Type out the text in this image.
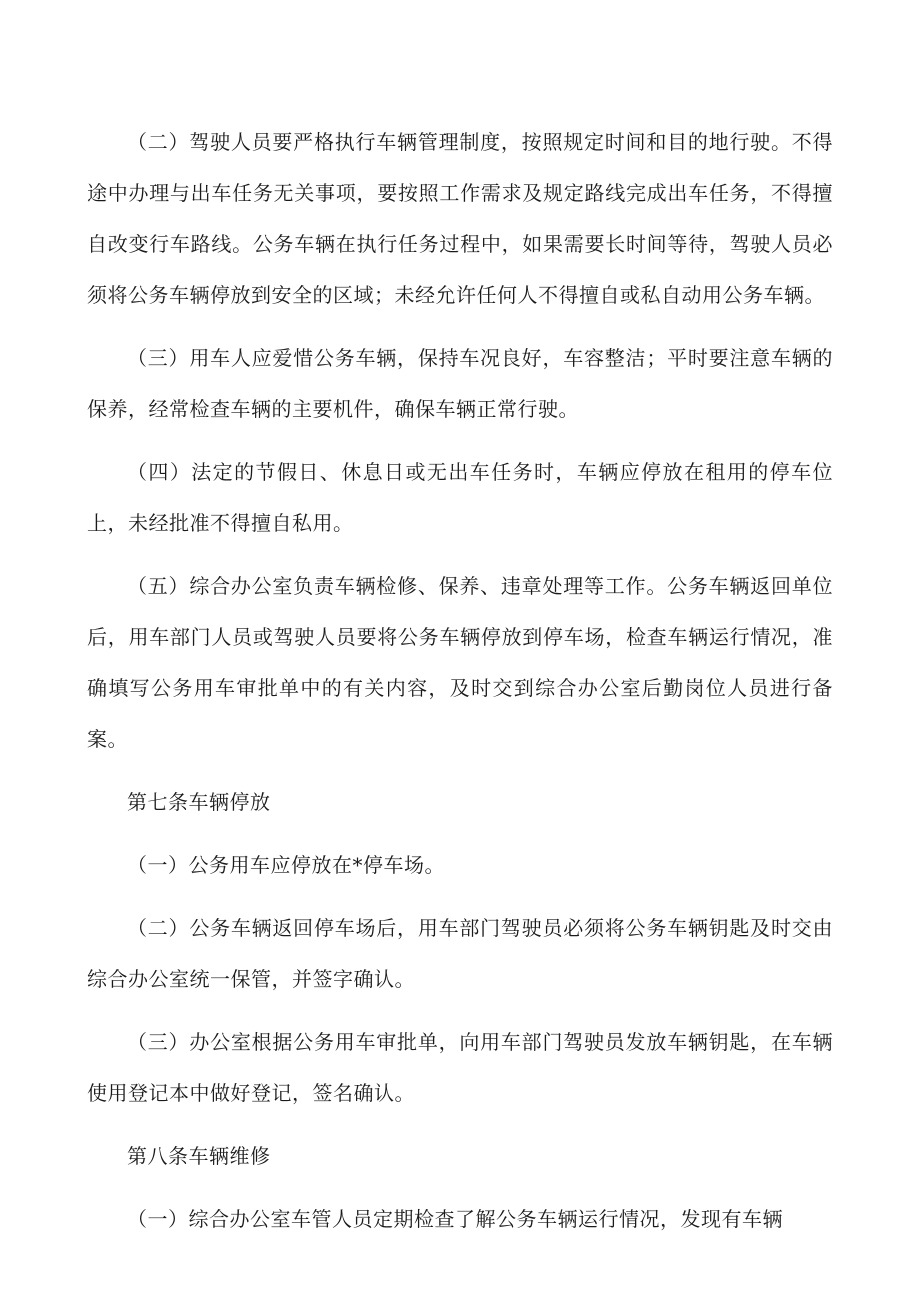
（二）驾驶人员要严格执行车辆管理制度，按照规定时间和目的地行驶。不得途中办理与出车任务无关事项，要按照工作需求及规定路线完成出车任务，不得擅自改变行车路线。公务车辆在执行任务过程中，如果需要长时间等待，驾驶人员必须将公务车辆停放到安全的区域；未经允许任何人不得擅自或私自动用公务车辆。

（三）用车人应爱惜公务车辆，保持车况良好，车容整洁；平时要注意车辆的保养，经常检查车辆的主要机件，确保车辆正常行驶。

（四）法定的节假日、休息日或无出车任务时，车辆应停放在租用的停车位上，未经批准不得擅自私用。

（五）综合办公室负责车辆检修、保养、违章处理等工作。公务车辆返回单位后，用车部门人员或驾驶人员要将公务车辆停放到停车场，检查车辆运行情况，准确填写公务用车审批单中的有关内容，及时交到综合办公室后勤岗位人员进行备案。

第七条车辆停放

（一）公务用车应停放在*停车场。

（二）公务车辆返回停车场后，用车部门驾驶员必须将公务车辆钥匙及时交由综合办公室统一保管，并签字确认。

（三）办公室根据公务用车审批单，向用车部门驾驶员发放车辆钥匙，在车辆使用登记本中做好登记，签名确认。

第八条车辆维修

（一）综合办公室车管人员定期检查了解公务车辆运行情况，发现有车辆
